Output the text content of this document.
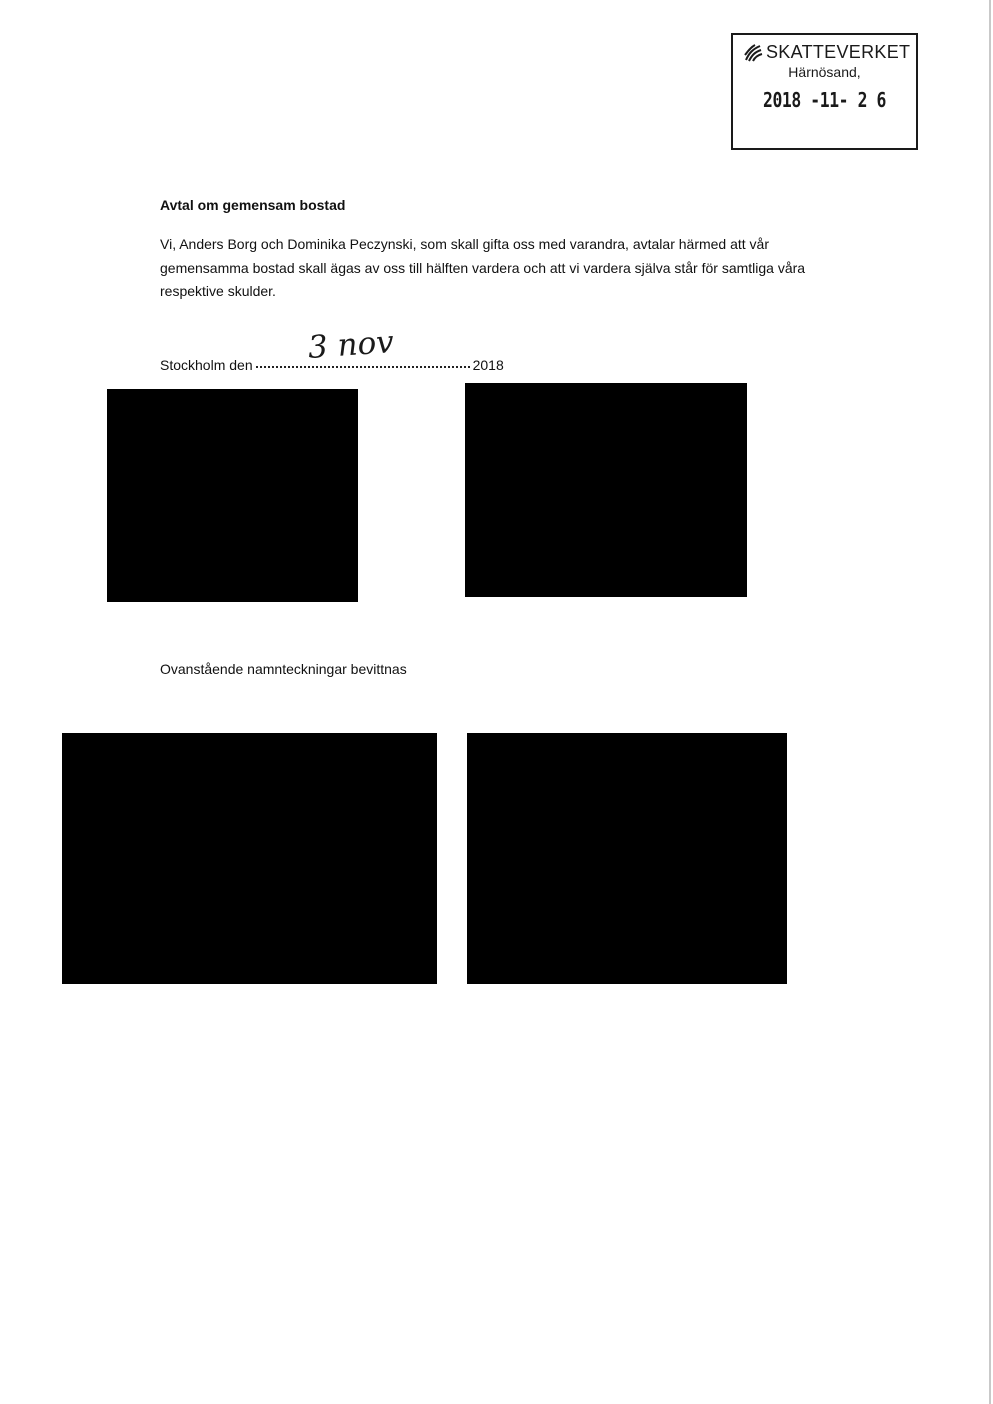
SKATTEVERKET
Härnösand,
2018 -11- 2 6
Avtal om gemensam bostad
Vi, Anders Borg och Dominika Peczynski, som skall gifta oss med varandra, avtalar härmed att vår gemensamma bostad skall ägas av oss till hälften vardera och att vi vardera själva står för samtliga våra respektive skulder.
3 nov
Stockholm den	2018
Ovanstående namnteckningar bevittnas
